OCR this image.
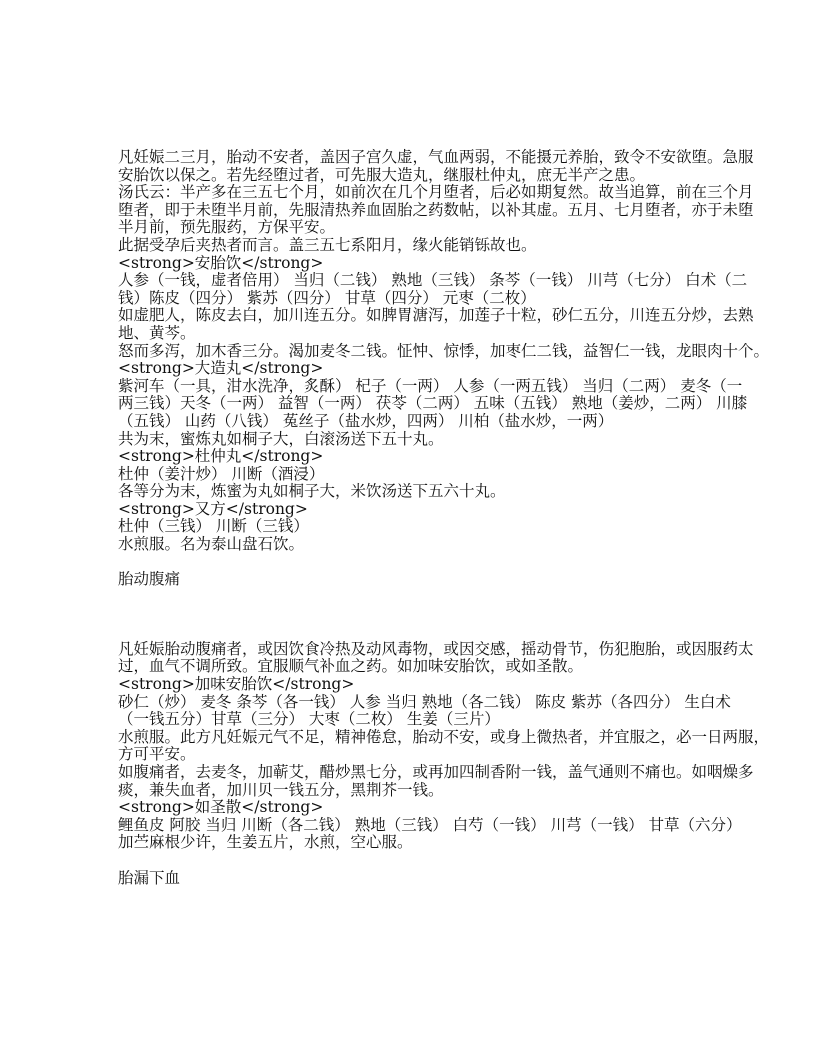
凡妊娠二三月，胎动不安者，盖因子宫久虚，气血两弱，不能摄元养胎，致令不安欲堕。急服
安胎饮以保之。若先经堕过者，可先服大造丸，继服杜仲丸，庶无半产之患。
汤氏云：半产多在三五七个月，如前次在几个月堕者，后必如期复然。故当追算，前在三个月
堕者，即于未堕半月前，先服清热养血固胎之药数帖，以补其虚。五月、七月堕者，亦于未堕
半月前，预先服药，方保平安。
此据受孕后夹热者而言。盖三五七系阳月，缘火能销铄故也。
<strong>安胎饮</strong>
人参（一钱，虚者倍用） 当归（二钱） 熟地（三钱） 条芩（一钱） 川芎（七分） 白术（二
钱）陈皮（四分） 紫苏（四分） 甘草（四分） 元枣（二枚）
如虚肥人，陈皮去白，加川连五分。如脾胃溏泻，加莲子十粒，砂仁五分，川连五分炒，去熟
地、黄芩。
怒而多泻，加木香三分。渴加麦冬二钱。怔忡、惊悸，加枣仁二钱，益智仁一钱，龙眼肉十个。
<strong>大造丸</strong>
紫河车（一具，泔水洗净，炙酥） 杞子（一两） 人参（一两五钱） 当归（二两） 麦冬（一
两三钱）天冬（一两） 益智（一两） 茯苓（二两） 五味（五钱） 熟地（姜炒，二两） 川膝
（五钱） 山药（八钱） 菟丝子（盐水炒，四两） 川柏（盐水炒，一两）
共为末，蜜炼丸如桐子大，白滚汤送下五十丸。
<strong>杜仲丸</strong>
杜仲（姜汁炒） 川断（酒浸）
各等分为末，炼蜜为丸如桐子大，米饮汤送下五六十丸。
<strong>又方</strong>
杜仲（三钱） 川断（三钱）
水煎服。名为泰山盘石饮。
胎动腹痛
凡妊娠胎动腹痛者，或因饮食冷热及动风毒物，或因交感，摇动骨节，伤犯胞胎，或因服药太
过，血气不调所致。宜服顺气补血之药。如加味安胎饮，或如圣散。
<strong>加味安胎饮</strong>
砂仁（炒） 麦冬 条芩（各一钱） 人参 当归 熟地（各二钱） 陈皮 紫苏（各四分） 生白术
（一钱五分）甘草（三分） 大枣（二枚） 生姜（三片）
水煎服。此方凡妊娠元气不足，精神倦怠，胎动不安，或身上微热者，并宜服之，必一日两服，
方可平安。
如腹痛者，去麦冬，加蕲艾，醋炒黑七分，或再加四制香附一钱，盖气通则不痛也。如咽燥多
痰，兼失血者，加川贝一钱五分，黑荆芥一钱。
<strong>如圣散</strong>
鲤鱼皮 阿胶 当归 川断（各二钱） 熟地（三钱） 白芍（一钱） 川芎（一钱） 甘草（六分）
加苎麻根少许，生姜五片，水煎，空心服。
胎漏下血
